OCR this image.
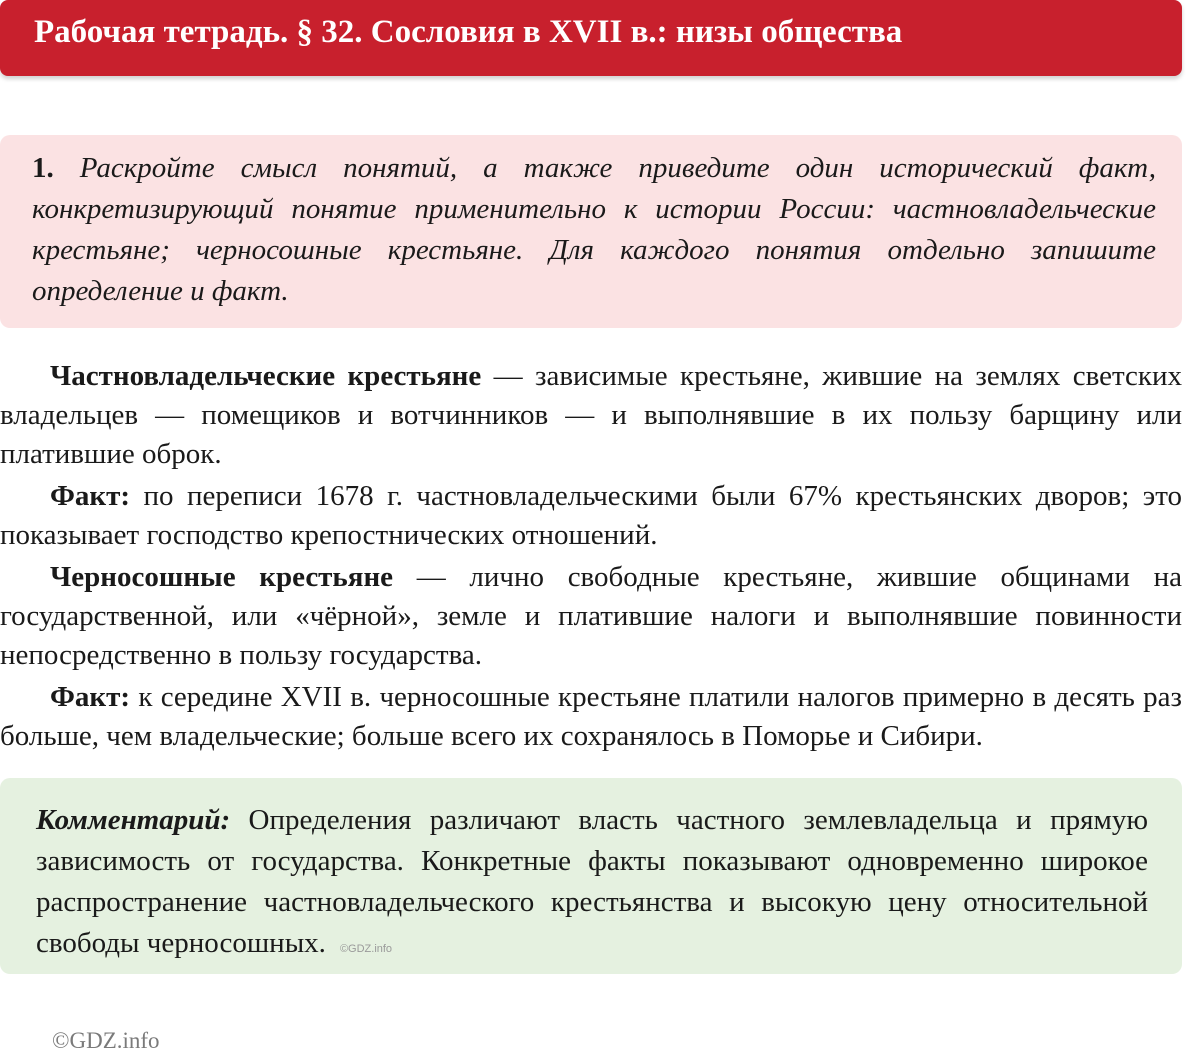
Рабочая тетрадь. § 32. Сословия в XVII в.: низы общества
1. Раскройте смысл понятий, а также приведите один исторический факт, конкретизирующий понятие применительно к истории России: частновладельческие крестьяне; черносошные крестьяне. Для каждого понятия отдельно запишите определение и факт.

Частновладельческие крестьяне — зависимые крестьяне, жившие на землях светских владельцев — помещиков и вотчинников — и выполнявшие в их пользу барщину или платившие оброк.

Факт: по переписи 1678 г. частновладельческими были 67% крестьянских дворов; это показывает господство крепостнических отношений.

Черносошные крестьяне — лично свободные крестьяне, жившие общинами на государственной, или «чёрной», земле и платившие налоги и выполнявшие повинности непосредственно в пользу государства.

Факт: к середине XVII в. черносошные крестьяне платили налогов примерно в десять раз больше, чем владельческие; больше всего их сохранялось в Поморье и Сибири.

Комментарий: Определения различают власть частного землевладельца и прямую зависимость от государства. Конкретные факты показывают одновременно широкое распространение частновладельческого крестьянства и высокую цену относительной свободы черносошных. ©GDZ.info
©GDZ.info
